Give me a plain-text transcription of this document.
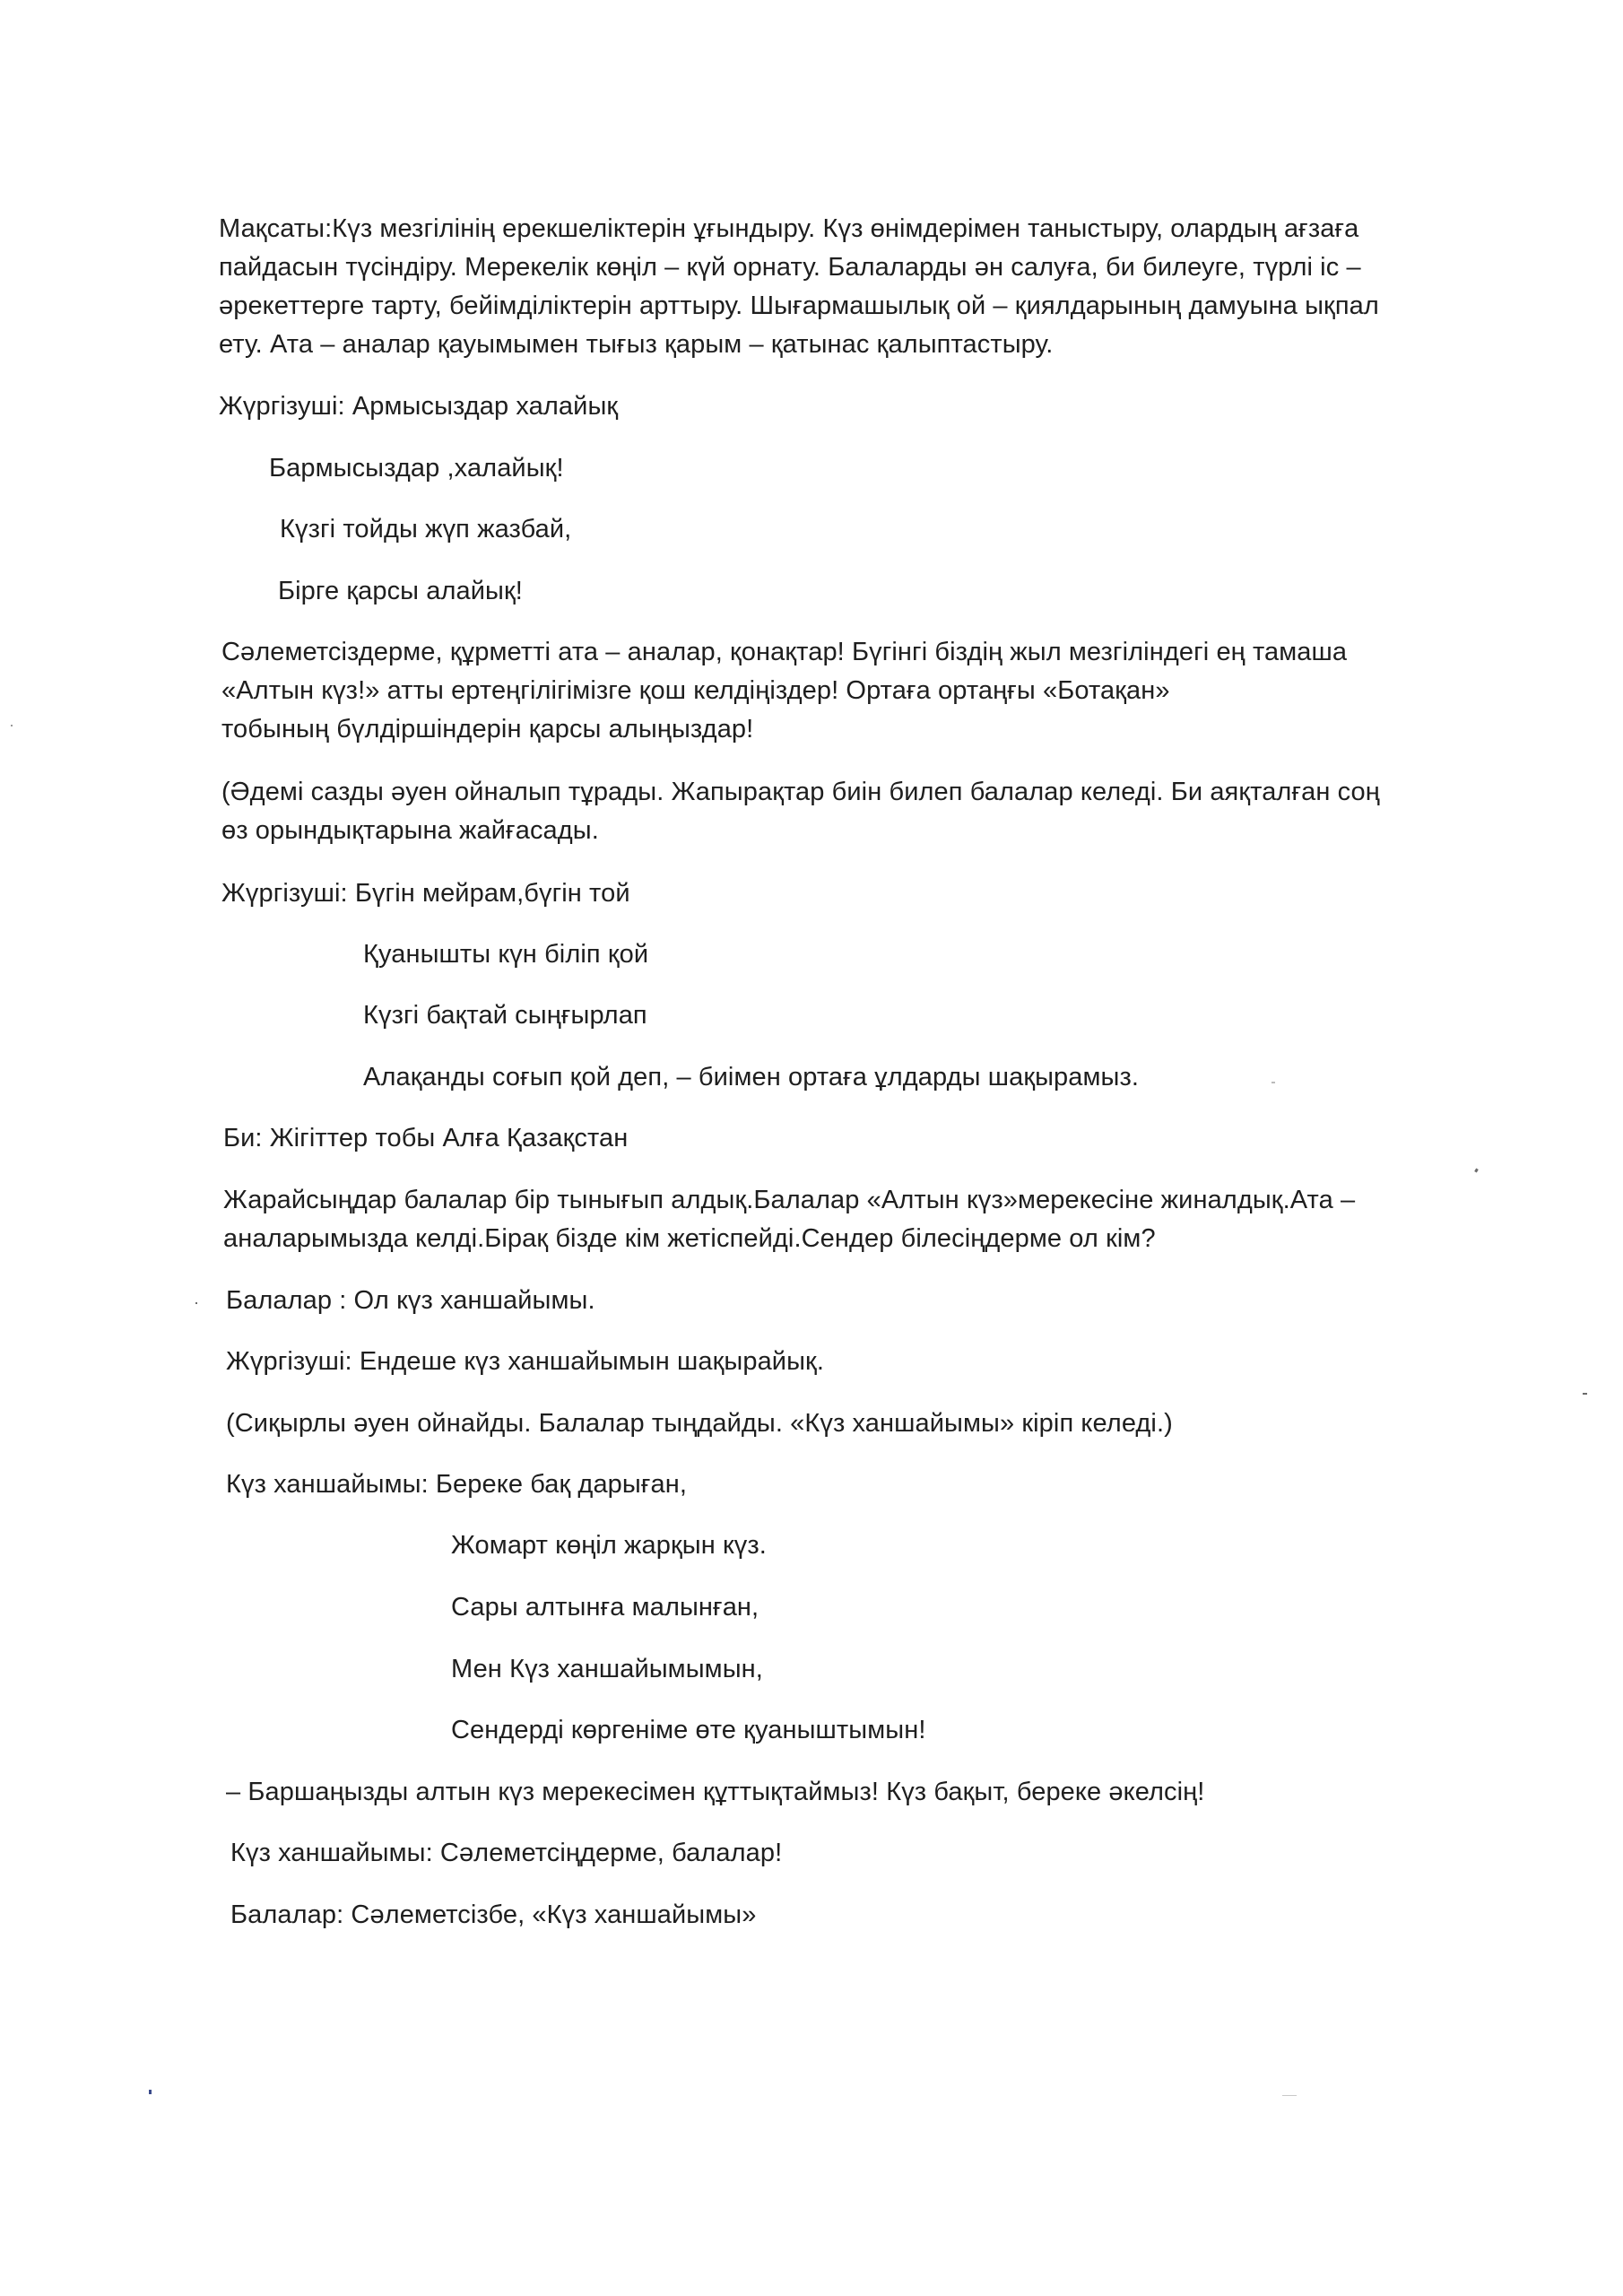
Мақсаты:Күз мезгілінің ерекшеліктерін ұғындыру. Күз өнімдерімен таныстыру, олардың ағзаға
пайдасын түсіндіру. Мерекелік көңіл – күй орнату. Балаларды ән салуға, би билеуге, түрлі іс –
әрекеттерге тарту, бейімділіктерін арттыру. Шығармашылық ой – қиялдарының дамуына ықпал
ету. Ата – аналар қауымымен тығыз қарым – қатынас қалыптастыру.
Жүргізуші: Армысыздар халайық
Бармысыздар ,халайық!
Күзгі тойды жүп жазбай,
Бірге қарсы алайық!
Сәлеметсіздерме, құрметті ата – аналар, қонақтар! Бүгінгі біздің жыл мезгіліндегі ең тамаша
«Алтын күз!» атты ертеңгілігімізге қош келдіңіздер! Ортаға ортаңғы «Ботақан»
тобының бүлдіршіндерін қарсы алыңыздар!
(Әдемі сазды әуен ойналып тұрады. Жапырақтар биін билеп балалар келеді. Би аяқталған соң
өз орындықтарына жайғасады.
Жүргізуші: Бүгін мейрам,бүгін той
Қуанышты күн біліп қой
Күзгі бақтай сыңғырлап
Алақанды соғып қой деп, – биімен ортаға ұлдарды шақырамыз.
Би: Жігіттер тобы Алға Қазақстан
Жарайсыңдар балалар бір тынығып алдық.Балалар «Алтын күз»мерекесіне жиналдық.Ата –
аналарымызда келді.Бірақ бізде кім жетіспейді.Сендер білесіңдерме ол кім?
Балалар : Ол күз ханшайымы.
Жүргізуші: Ендеше күз ханшайымын шақырайық.
(Сиқырлы әуен ойнайды. Балалар тыңдайды. «Күз ханшайымы» кіріп келеді.)
Күз ханшайымы: Береке бақ дарыған,
Жомарт көңіл жарқын күз.
Сары алтынға малынған,
Мен Күз ханшайымымын,
Сендерді көргеніме өте қуаныштымын!
– Баршаңызды алтын күз мерекесімен құттықтаймыз! Күз бақыт, береке әкелсің!
Күз ханшайымы: Сәлеметсіңдерме, балалар!
Балалар: Сәлеметсізбе, «Күз ханшайымы»
